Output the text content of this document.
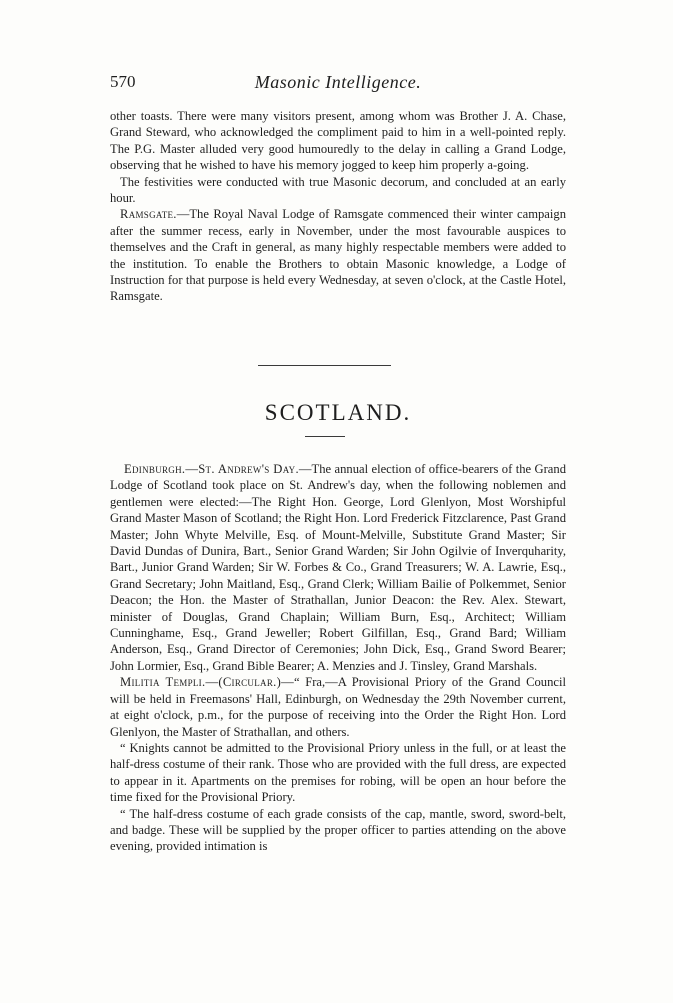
570	Masonic Intelligence.

other toasts. There were many visitors present, among whom was Brother J. A. Chase, Grand Steward, who acknowledged the compliment paid to him in a well-pointed reply. The P.G. Master alluded very good humouredly to the delay in calling a Grand Lodge, observing that he wished to have his memory jogged to keep him properly a-going.

The festivities were conducted with true Masonic decorum, and concluded at an early hour.

Ramsgate.—The Royal Naval Lodge of Ramsgate commenced their winter campaign after the summer recess, early in November, under the most favourable auspices to themselves and the Craft in general, as many highly respectable members were added to the institution. To enable the Brothers to obtain Masonic knowledge, a Lodge of Instruction for that purpose is held every Wednesday, at seven o'clock, at the Castle Hotel, Ramsgate.

SCOTLAND.

Edinburgh.—St. Andrew's Day.—The annual election of office-bearers of the Grand Lodge of Scotland took place on St. Andrew's day, when the following noblemen and gentlemen were elected:—The Right Hon. George, Lord Glenlyon, Most Worshipful Grand Master Mason of Scotland; the Right Hon. Lord Frederick Fitzclarence, Past Grand Master; John Whyte Melville, Esq. of Mount-Melville, Substitute Grand Master; Sir David Dundas of Dunira, Bart., Senior Grand Warden; Sir John Ogilvie of Inverquharity, Bart., Junior Grand Warden; Sir W. Forbes & Co., Grand Treasurers; W. A. Lawrie, Esq., Grand Secretary; John Maitland, Esq., Grand Clerk; William Bailie of Polkemmet, Senior Deacon; the Hon. the Master of Strathallan, Junior Deacon: the Rev. Alex. Stewart, minister of Douglas, Grand Chaplain; William Burn, Esq., Architect; William Cunninghame, Esq., Grand Jeweller; Robert Gilfillan, Esq., Grand Bard; William Anderson, Esq., Grand Director of Ceremonies; John Dick, Esq., Grand Sword Bearer; John Lormier, Esq., Grand Bible Bearer; A. Menzies and J. Tinsley, Grand Marshals.

Militia Templi.—(Circular.)—“ Fra,—A Provisional Priory of the Grand Council will be held in Freemasons' Hall, Edinburgh, on Wednesday the 29th November current, at eight o'clock, p.m., for the purpose of receiving into the Order the Right Hon. Lord Glenlyon, the Master of Strathallan, and others.

“ Knights cannot be admitted to the Provisional Priory unless in the full, or at least the half-dress costume of their rank. Those who are provided with the full dress, are expected to appear in it. Apartments on the premises for robing, will be open an hour before the time fixed for the Provisional Priory.

“ The half-dress costume of each grade consists of the cap, mantle, sword, sword-belt, and badge. These will be supplied by the proper officer to parties attending on the above evening, provided intimation is
